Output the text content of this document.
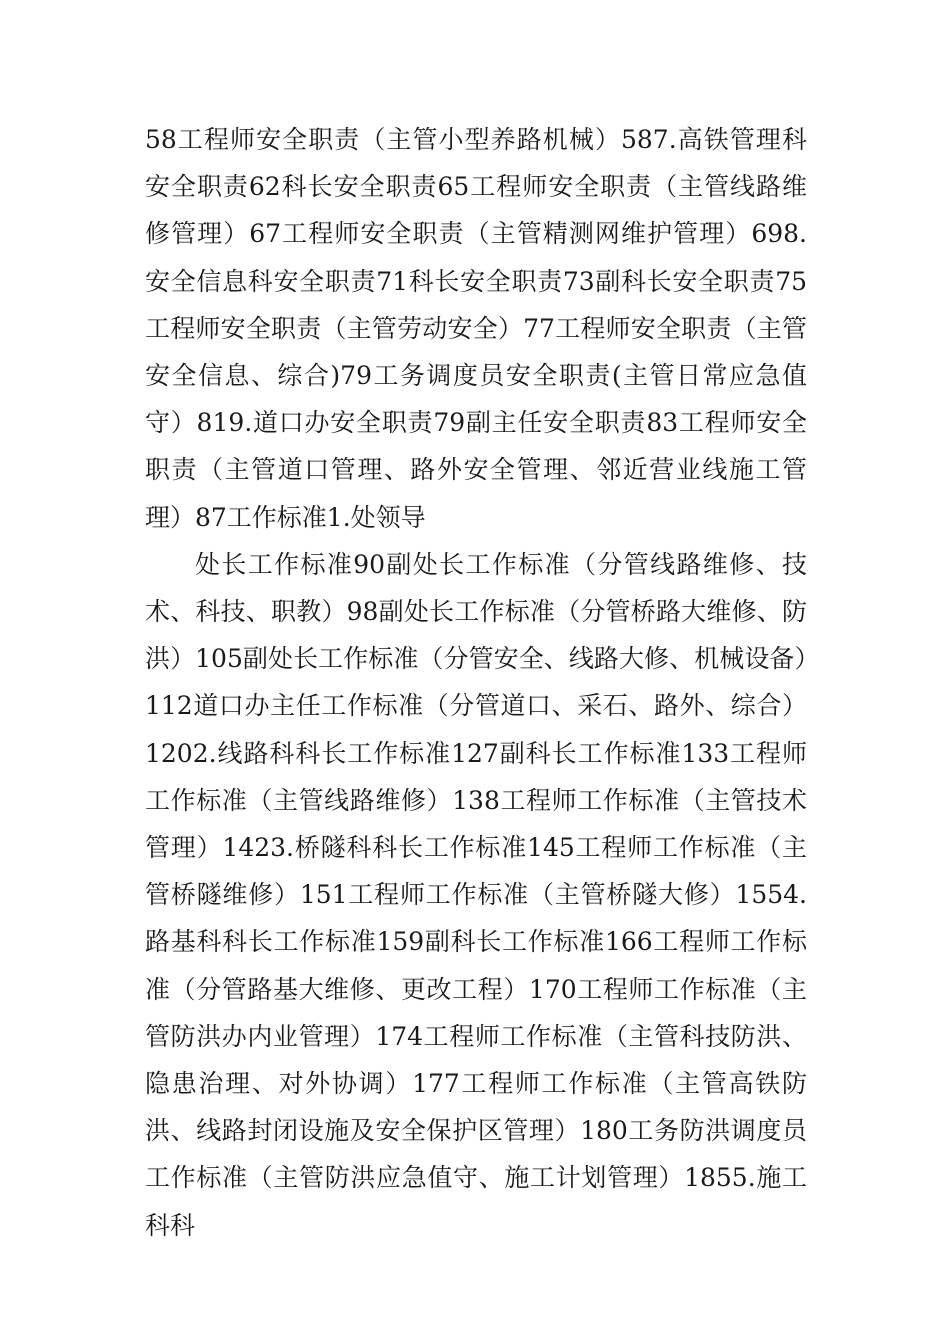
58工程师安全职责（主管小型养路机械）587.高铁管理科安全职责62科长安全职责65工程师安全职责（主管线路维修管理）67工程师安全职责（主管精测网维护管理）698.安全信息科安全职责71科长安全职责73副科长安全职责75工程师安全职责（主管劳动安全）77工程师安全职责（主管安全信息、综合)79工务调度员安全职责(主管日常应急值守）819.道口办安全职责79副主任安全职责83工程师安全职责（主管道口管理、路外安全管理、邻近营业线施工管理）87工作标准1.处领导

处长工作标准90副处长工作标准（分管线路维修、技术、科技、职教）98副处长工作标准（分管桥路大维修、防洪）105副处长工作标准（分管安全、线路大修、机械设备）112道口办主任工作标准（分管道口、采石、路外、综合）1202.线路科科长工作标准127副科长工作标准133工程师工作标准（主管线路维修）138工程师工作标准（主管技术管理）1423.桥隧科科长工作标准145工程师工作标准（主管桥隧维修）151工程师工作标准（主管桥隧大修）1554.路基科科长工作标准159副科长工作标准166工程师工作标准（分管路基大维修、更改工程）170工程师工作标准（主管防洪办内业管理）174工程师工作标准（主管科技防洪、隐患治理、对外协调）177工程师工作标准（主管高铁防洪、线路封闭设施及安全保护区管理）180工务防洪调度员工作标准（主管防洪应急值守、施工计划管理）1855.施工科科
